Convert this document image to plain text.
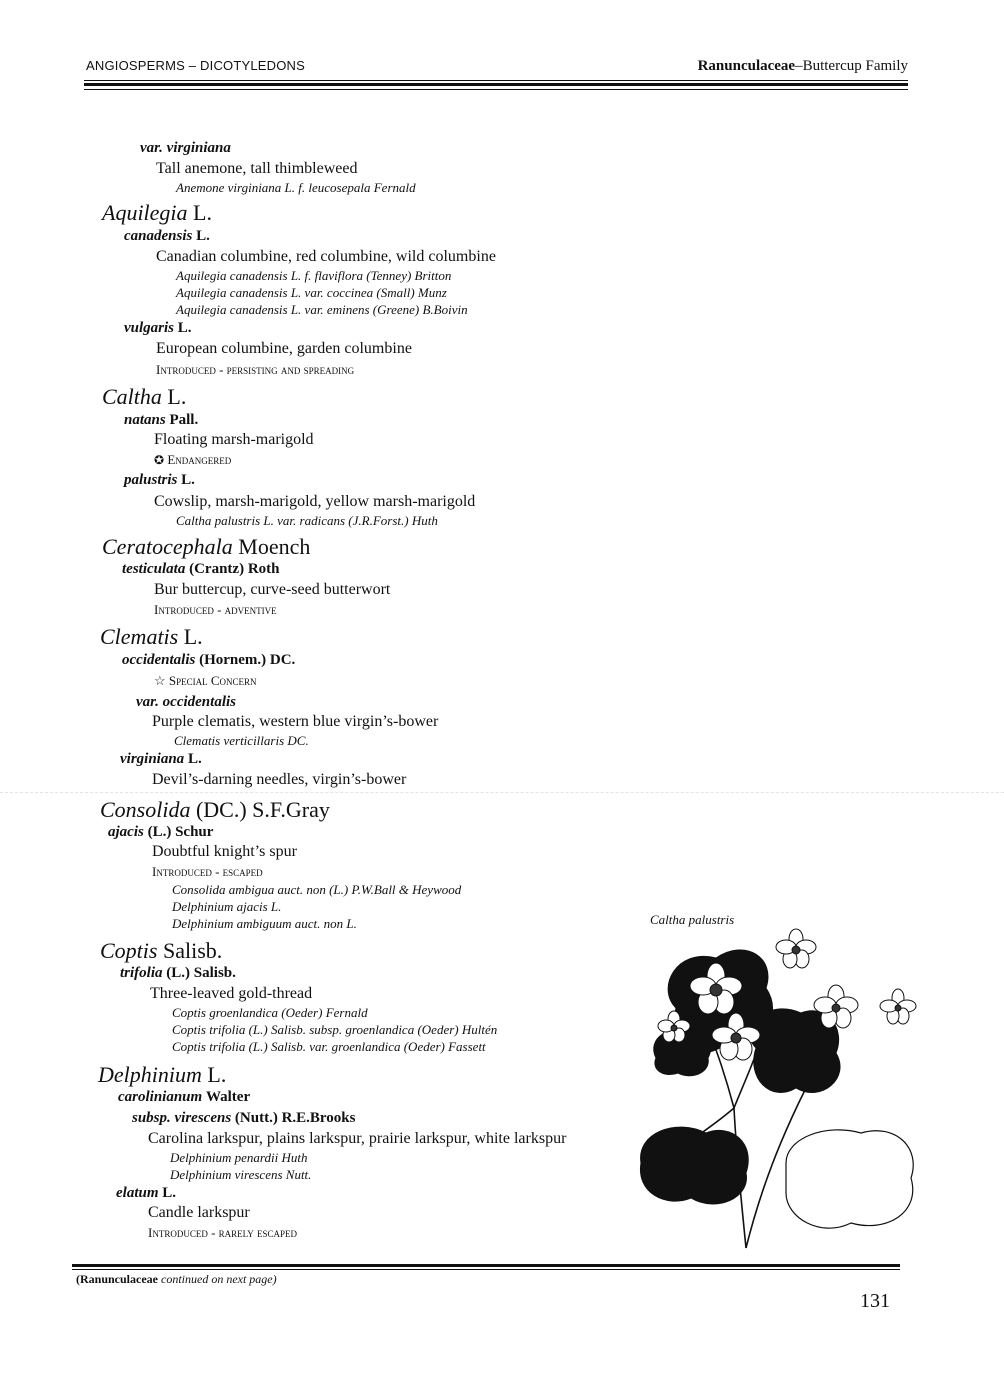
ANGIOSPERMS – DICOTYLEDONS	Ranunculaceae–Buttercup Family
var. virginiana
Tall anemone, tall thimbleweed
Anemone virginiana L. f. leucosepala Fernald
Aquilegia L.
canadensis L.
Canadian columbine, red columbine, wild columbine
Aquilegia canadensis L. f. flaviflora (Tenney) Britton
Aquilegia canadensis L. var. coccinea (Small) Munz
Aquilegia canadensis L. var. eminens (Greene) B.Boivin
vulgaris L.
European columbine, garden columbine
Introduced - persisting and spreading
Caltha L.
natans Pall.
Floating marsh-marigold
✪ Endangered
palustris L.
Cowslip, marsh-marigold, yellow marsh-marigold
Caltha palustris L. var. radicans (J.R.Forst.) Huth
Ceratocephala Moench
testiculata (Crantz) Roth
Bur buttercup, curve-seed butterwort
Introduced - adventive
Clematis L.
occidentalis (Hornem.) DC.
☆ Special Concern
var. occidentalis
Purple clematis, western blue virgin’s-bower
Clematis verticillaris DC.
virginiana L.
Devil’s-darning needles, virgin’s-bower
Consolida (DC.) S.F.Gray
ajacis (L.) Schur
Doubtful knight’s spur
Introduced - escaped
Consolida ambigua auct. non (L.) P.W.Ball & Heywood
Delphinium ajacis L.
Delphinium ambiguum auct. non L.
Coptis Salisb.
trifolia (L.) Salisb.
Three-leaved gold-thread
Coptis groenlandica (Oeder) Fernald
Coptis trifolia (L.) Salisb. subsp. groenlandica (Oeder) Hultén
Coptis trifolia (L.) Salisb. var. groenlandica (Oeder) Fassett
Delphinium L.
carolinianum Walter
subsp. virescens (Nutt.) R.E.Brooks
Carolina larkspur, plains larkspur, prairie larkspur, white larkspur
Delphinium penardii Huth
Delphinium virescens Nutt.
elatum L.
Candle larkspur
Introduced - rarely escaped
Caltha palustris
(Ranunculaceae continued on next page)
131
